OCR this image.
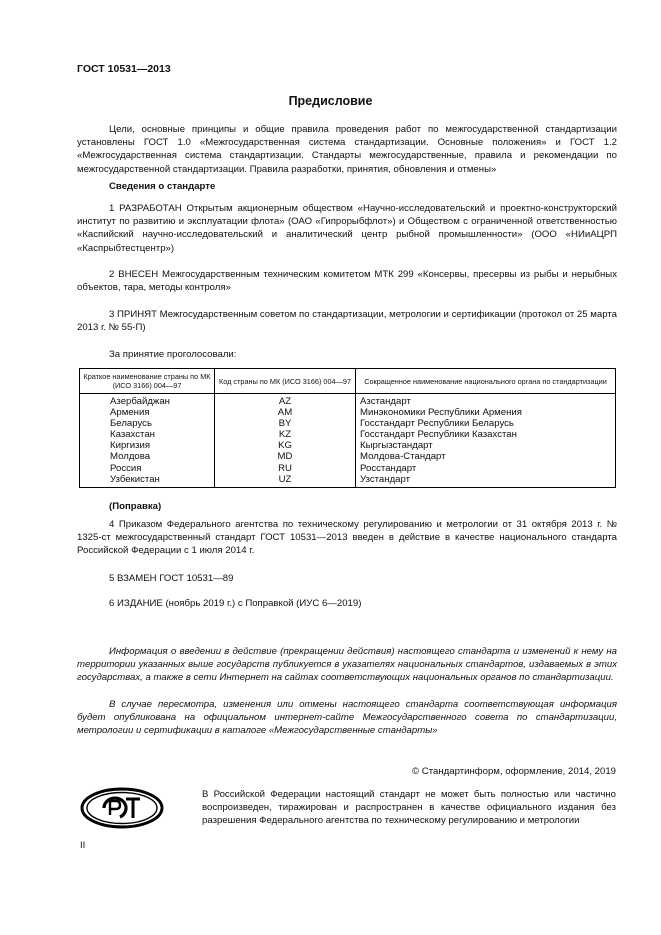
ГОСТ 10531—2013
Предисловие
Цели, основные принципы и общие правила проведения работ по межгосударственной стандартизации установлены ГОСТ 1.0 «Межгосударственная система стандартизации. Основные положения» и ГОСТ 1.2 «Межгосударственная система стандартизации. Стандарты межгосударственные, правила и рекомендации по межгосударственной стандартизации. Правила разработки, принятия, обновления и отмены»
Сведения о стандарте
1 РАЗРАБОТАН Открытым акционерным обществом «Научно-исследовательский и проектно-конструкторский институт по развитию и эксплуатации флота» (ОАО «Гипрорыбфлот») и Обществом с ограниченной ответственностью «Каспийский научно-исследовательский и аналитический центр рыбной промышленности» (ООО «НИиАЦРП «Каспрыбтестцентр»)
2 ВНЕСЕН Межгосударственным техническим комитетом МТК 299 «Консервы, пресервы из рыбы и нерыбных объектов, тара, методы контроля»
3 ПРИНЯТ Межгосударственным советом по стандартизации, метрологии и сертификации (протокол от 25 марта 2013 г. № 55-П)
За принятие проголосовали:
Краткое наименование страны по МК (ИСО 3166) 004—97	Код страны по МК (ИСО 3166) 004—97	Сокращенное наименование национального органа по стандартизации
Азербайджан	AZ	Азстандарт
Армения	AM	Минэкономики Республики Армения
Беларусь	BY	Госстандарт Республики Беларусь
Казахстан	KZ	Госстандарт Республики Казахстан
Киргизия	KG	Кыргызстандарт
Молдова	MD	Молдова-Стандарт
Россия	RU	Росстандарт
Узбекистан	UZ	Узстандарт
(Поправка)
4 Приказом Федерального агентства по техническому регулированию и метрологии от 31 октября 2013 г. № 1325-ст межгосударственный стандарт ГОСТ 10531—2013 введен в действие в качестве национального стандарта Российской Федерации с 1 июля 2014 г.
5 ВЗАМЕН ГОСТ 10531—89
6 ИЗДАНИЕ (ноябрь 2019 г.) с Поправкой (ИУС 6—2019)
Информация о введении в действие (прекращении действия) настоящего стандарта и изменений к нему на территории указанных выше государств публикуется в указателях национальных стандартов, издаваемых в этих государствах, а также в сети Интернет на сайтах соответствующих национальных органов по стандартизации.
В случае пересмотра, изменения или отмены настоящего стандарта соответствующая информация будет опубликована на официальном интернет-сайте Межгосударственного совета по стандартизации, метрологии и сертификации в каталоге «Межгосударственные стандарты»
© Стандартинформ, оформление, 2014, 2019
В Российской Федерации настоящий стандарт не может быть полностью или частично воспроизведен, тиражирован и распространен в качестве официального издания без разрешения Федерального агентства по техническому регулированию и метрологии
II
